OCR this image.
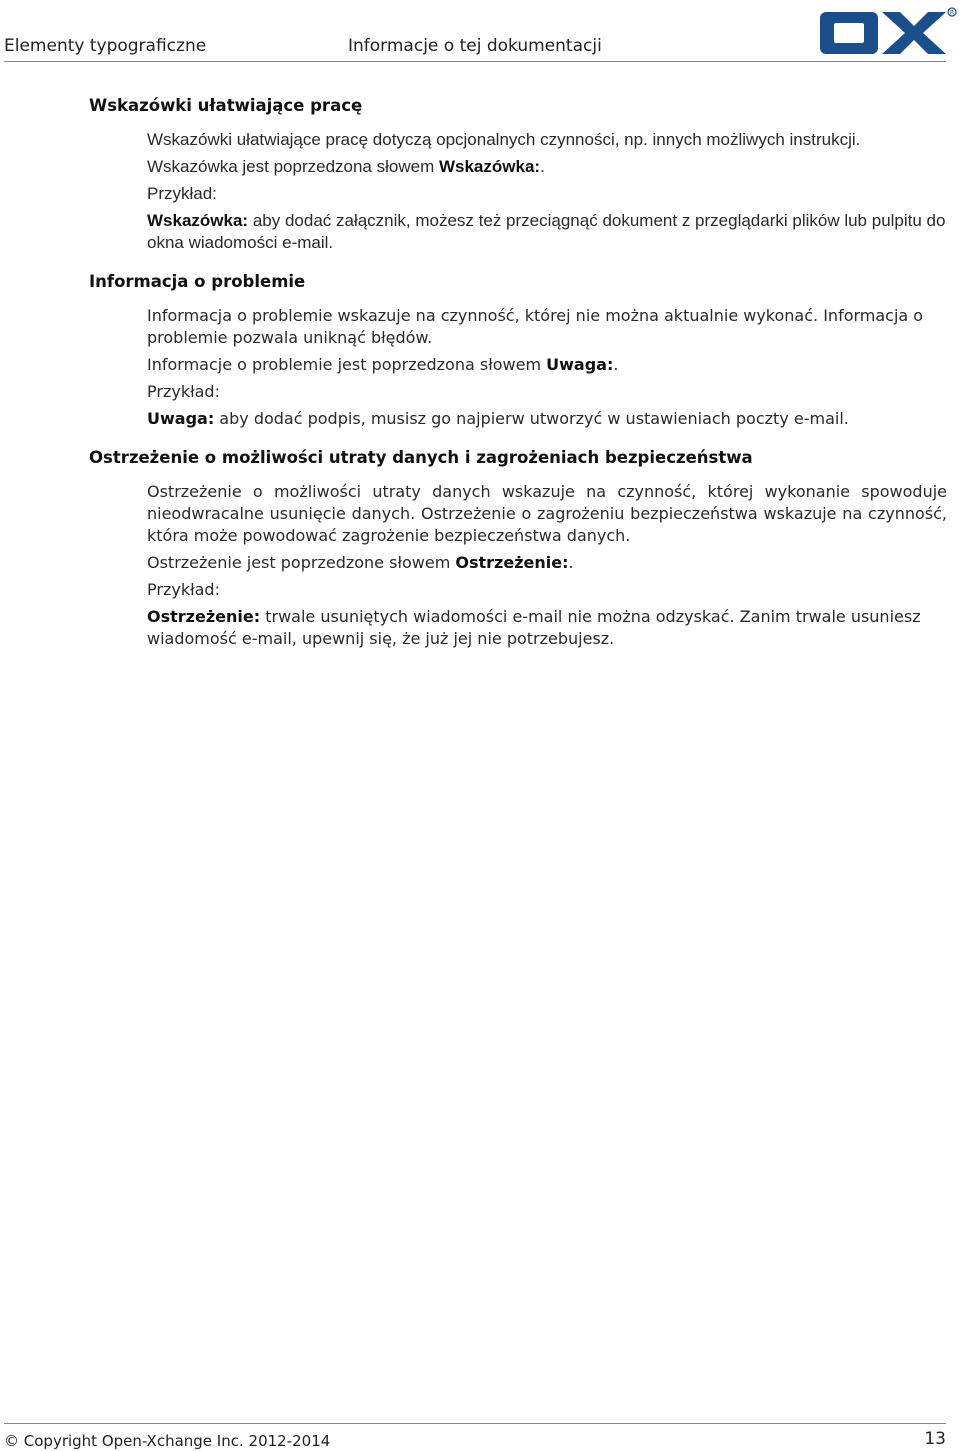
Elementy typograficzne	Informacje o tej dokumentacji
R
Wskazówki ułatwiające pracę

Wskazówki ułatwiające pracę dotyczą opcjonalnych czynności, np. innych możliwych instrukcji.

Wskazówka jest poprzedzona słowem Wskazówka:.

Przykład:

Wskazówka: aby dodać załącznik, możesz też przeciągnąć dokument z przeglądarki plików lub pulpitu do okna wiadomości e-mail.

Informacja o problemie

Informacja o problemie wskazuje na czynność, której nie można aktualnie wykonać. Informacja o problemie pozwala uniknąć błędów.

Informacje o problemie jest poprzedzona słowem Uwaga:.

Przykład:

Uwaga: aby dodać podpis, musisz go najpierw utworzyć w ustawieniach poczty e-mail.

Ostrzeżenie o możliwości utraty danych i zagrożeniach bezpieczeństwa

Ostrzeżenie o możliwości utraty danych wskazuje na czynność, której wykonanie spowoduje nieodwracalne usunięcie danych. Ostrzeżenie o zagrożeniu bezpieczeństwa wskazuje na czynność, która może powodować zagrożenie bezpieczeństwa danych.

Ostrzeżenie jest poprzedzone słowem Ostrzeżenie:.

Przykład:

Ostrzeżenie: trwale usuniętych wiadomości e-mail nie można odzyskać. Zanim trwale usuniesz wiadomość e-mail, upewnij się, że już jej nie potrzebujesz.

© Copyright Open-Xchange Inc. 2012-2014	13
